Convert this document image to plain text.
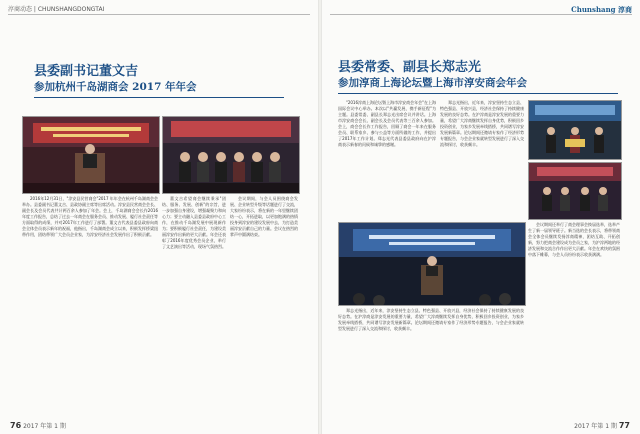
淳商动态 | CHUNSHANGDONGTAI
县委副书记董文吉
参加杭州千岛湖商会 2017 年年会

2016年12月31日，"淳安县民营商会"2017 年年会在杭州千岛湖商会会举办。县委副书记董文吉、县政协副主席等出席活动。淳安县民营商会会长、副会长及会员代表共计两百余人参加了年会。会上，千岛湖商会会长作2016年度工作报告，总结了过去一年商会在服务会员、推动发展、履行社会责任等方面取得的成绩，并对2017年工作进行了部署。董文吉代表县委县政府向商会全体会员表示新年的祝福，他指出，千岛湖商会成立以来，积极发挥桥梁纽带作用，团结带领广大会员企业家，为淳安经济社会发展作出了积极贡献。

董文吉希望商会继续秉承"团结、服务、发展、创新"的宗旨，进一步加强自身建设，增强凝聚力和向心力；要主动融入县委县政府中心工作，在推动千岛湖发展中展现新作为；要积极履行社会责任，为建设美丽淳安作出新的更大贡献。年会还表彰了2016年度优秀会员企业，举行了文艺演出等活动，现场气氛热烈。

会议期间，与会人员围绕商会发展、企业转型升级等话题进行了交流，大家纷纷表示，将在新的一年里继续团结一心，开拓进取，以更加饱满的热情投身到淳安的建设发展中去，为打造美丽淳安贡献自己的力量。会议在热烈的掌声中圆满结束。

76 2017 年第 1 期
Chunshang 淳商
县委常委、副县长郑志光
参加淳商上海论坛暨上海市淳安商会年会

"2016淳商上海论坛暨上海市淳安商会年会"在上海国际会议中心举办。本次以"共赢发展、携手新征程"为主题。县委常委、副县长郑志光出席会议并讲话。上海市淳安商会会长、副会长及会员代表等三百余人参加。会上，商会会长作工作报告，回顾了商会一年来在服务会员、联系家乡、参与公益等方面所做的工作，并提出了2017年工作计划。郑志光代表县委县政府向在沪淳商表示新春的问候和诚挚的感谢。

郑志光指出，近年来，淳安坚持生态立县、特色强县、开放兴县，经济社会保持了持续健康发展的良好态势。在沪淳商是淳安发展的重要力量，希望广大淳商继续发挥自身优势，积极回乡投资创业，为家乡发展牵线搭桥，共同谱写淳安发展新篇章。论坛期间还邀请专家作了经济形势专题报告，与会企业家就转型发展进行了深入交流和探讨，收获颇丰。

会议期间还举行了商会理事会换届选举，选举产生了新一届领导班子。新当选的会长表示，将带领商会全体会员继续发扬淳商精神，团结互助、开拓创新，努力把商会建设成为会员之家，为沪淳两地的经济发展和交流合作作出更大贡献。年会在欢快的氛围中落下帷幕，与会人员纷纷表示收获满满。

郑志光指出，近年来，淳安坚持生态立县、特色强县、开放兴县，经济社会保持了持续健康发展的良好态势。在沪淳商是淳安发展的重要力量，希望广大淳商继续发挥自身优势，积极回乡投资创业，为家乡发展牵线搭桥，共同谱写淳安发展新篇章。论坛期间还邀请专家作了经济形势专题报告，与会企业家就转型发展进行了深入交流和探讨，收获颇丰。

2017 年第 1 期 77
